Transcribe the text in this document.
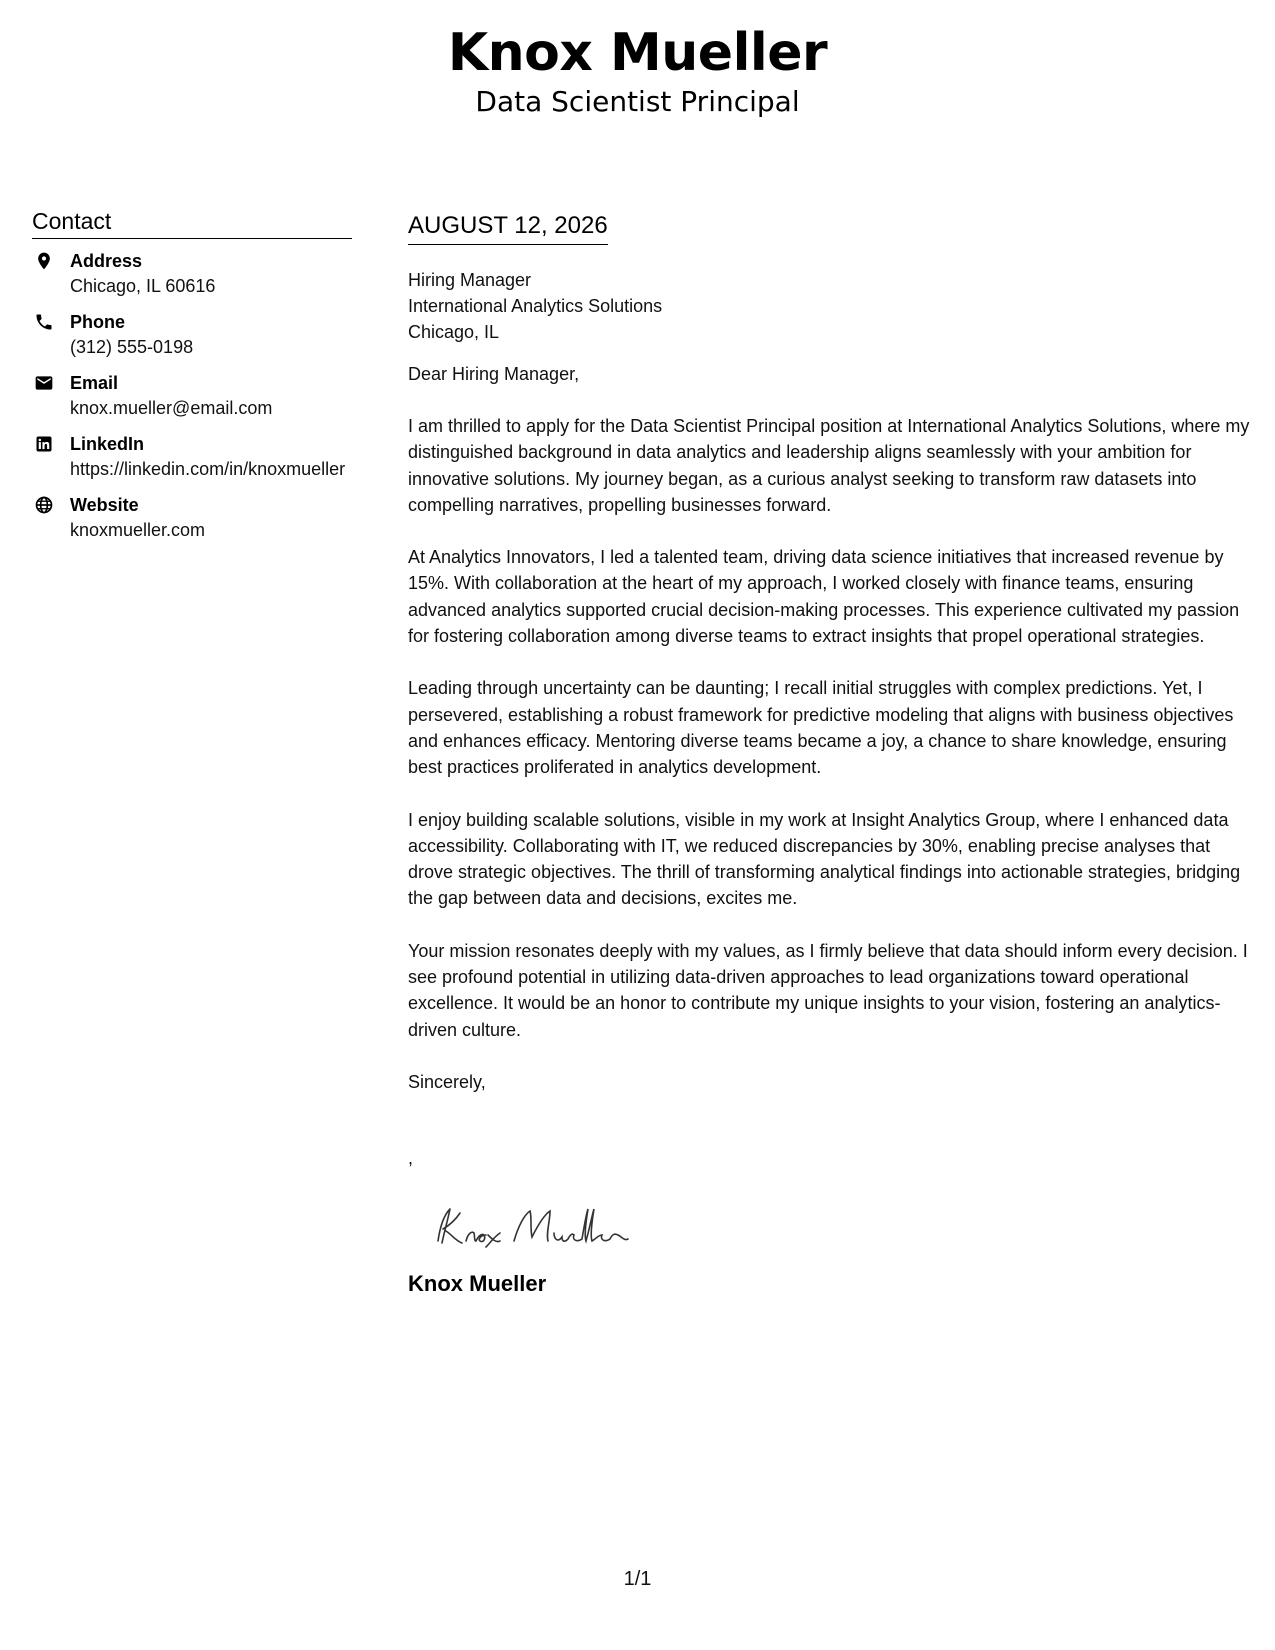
Knox Mueller
Data Scientist Principal
Contact
Address
Chicago, IL 60616
Phone
(312) 555-0198
Email
knox.mueller@email.com
LinkedIn
https://linkedin.com/in/knoxmueller
Website
knoxmueller.com
AUGUST 12, 2026
Hiring Manager
International Analytics Solutions
Chicago, IL
Dear Hiring Manager,
I am thrilled to apply for the Data Scientist Principal position at International Analytics Solutions, where my distinguished background in data analytics and leadership aligns seamlessly with your ambition for innovative solutions. My journey began, as a curious analyst seeking to transform raw datasets into compelling narratives, propelling businesses forward.
At Analytics Innovators, I led a talented team, driving data science initiatives that increased revenue by 15%. With collaboration at the heart of my approach, I worked closely with finance teams, ensuring advanced analytics supported crucial decision-making processes. This experience cultivated my passion for fostering collaboration among diverse teams to extract insights that propel operational strategies.
Leading through uncertainty can be daunting; I recall initial struggles with complex predictions. Yet, I persevered, establishing a robust framework for predictive modeling that aligns with business objectives and enhances efficacy. Mentoring diverse teams became a joy, a chance to share knowledge, ensuring best practices proliferated in analytics development.
I enjoy building scalable solutions, visible in my work at Insight Analytics Group, where I enhanced data accessibility. Collaborating with IT, we reduced discrepancies by 30%, enabling precise analyses that drove strategic objectives. The thrill of transforming analytical findings into actionable strategies, bridging the gap between data and decisions, excites me.
Your mission resonates deeply with my values, as I firmly believe that data should inform every decision. I see profound potential in utilizing data-driven approaches to lead organizations toward operational excellence. It would be an honor to contribute my unique insights to your vision, fostering an analytics-driven culture.
Sincerely,
,
Knox Mueller
1/1
